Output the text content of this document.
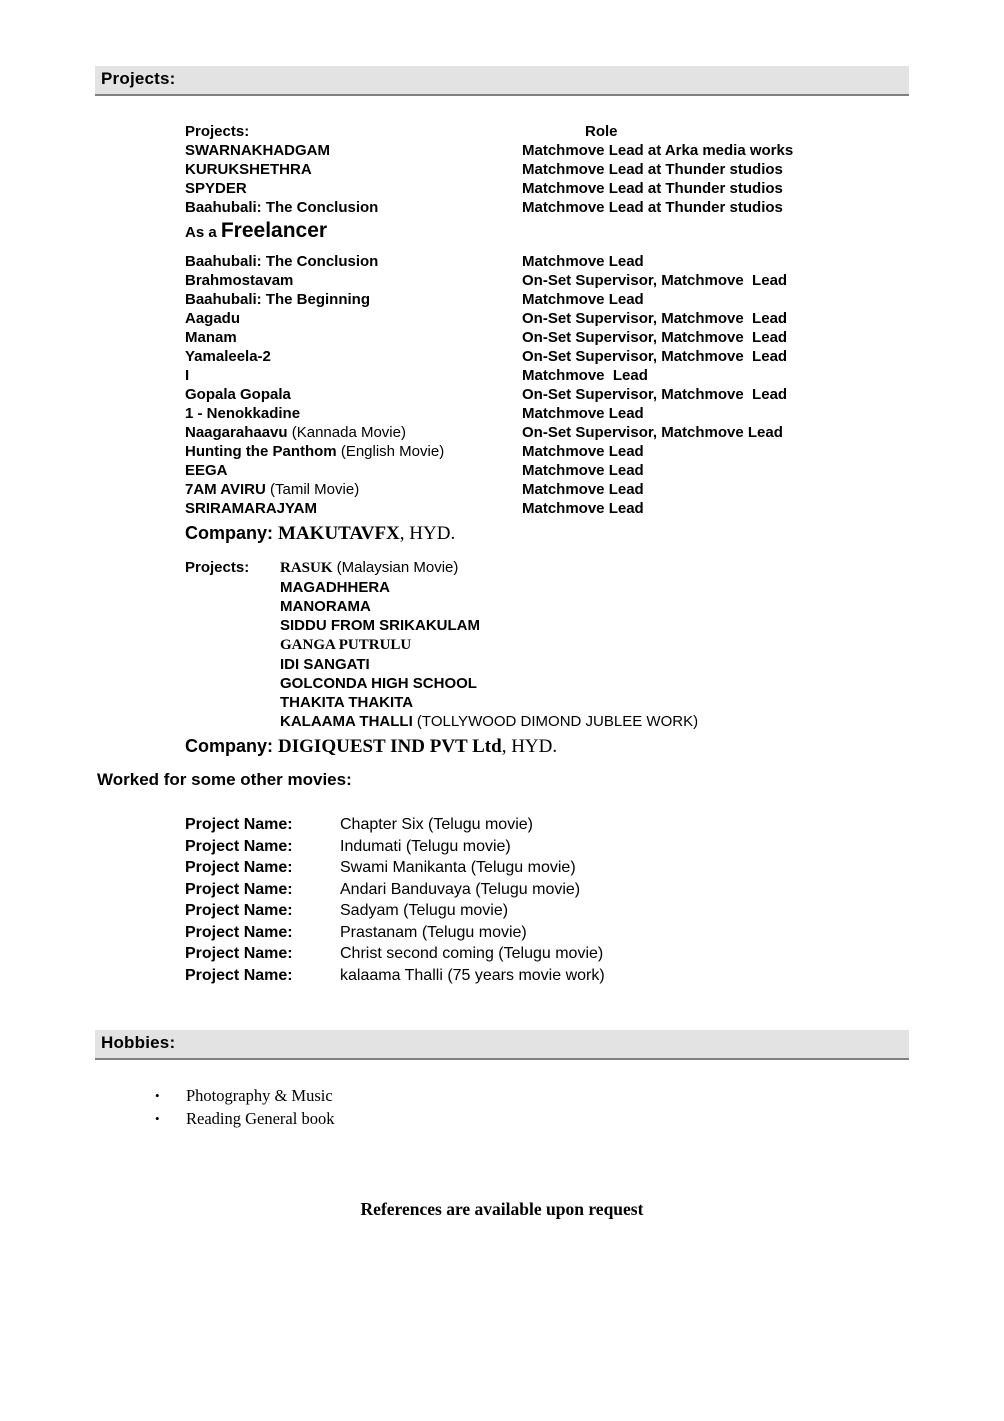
Projects:
Projects:	Role
SWARNAKHADGAM	Matchmove Lead at Arka media works
KURUKSHETHRA	Matchmove Lead at Thunder studios
SPYDER	Matchmove Lead at Thunder studios
Baahubali: The Conclusion	Matchmove Lead at Thunder studios
As a Freelancer
Baahubali: The Conclusion	Matchmove Lead
Brahmostavam	On-Set Supervisor, Matchmove  Lead
Baahubali: The Beginning	Matchmove Lead
Aagadu	On-Set Supervisor, Matchmove  Lead
Manam	On-Set Supervisor, Matchmove  Lead
Yamaleela-2	On-Set Supervisor, Matchmove  Lead
I	Matchmove  Lead
Gopala Gopala	On-Set Supervisor, Matchmove  Lead
1 - Nenokkadine	Matchmove Lead
Naagarahaavu (Kannada Movie)	On-Set Supervisor, Matchmove Lead
Hunting the Panthom (English Movie)	Matchmove Lead
EEGA	Matchmove Lead
7AM AVIRU (Tamil Movie)	Matchmove Lead
SRIRAMARAJYAM	Matchmove Lead
Company: MAKUTAVFX, HYD.
Projects:	RASUK (Malaysian Movie)
MAGADHHERA
MANORAMA
SIDDU FROM SRIKAKULAM
GANGA PUTRULU
IDI SANGATI
GOLCONDA HIGH SCHOOL
THAKITA THAKITA
KALAAMA THALLI (TOLLYWOOD DIMOND JUBLEE WORK)
Company: DIGIQUEST IND PVT Ltd, HYD.
Worked for some other movies:
Project Name:	Chapter Six (Telugu movie)
Project Name:	Indumati (Telugu movie)
Project Name:	Swami Manikanta (Telugu movie)
Project Name:	Andari Banduvaya (Telugu movie)
Project Name:	Sadyam (Telugu movie)
Project Name:	Prastanam (Telugu movie)
Project Name:	Christ second coming (Telugu movie)
Project Name:	kalaama Thalli (75 years movie work)
Hobbies:
•	Photography & Music
•	Reading General book
References are available upon request
